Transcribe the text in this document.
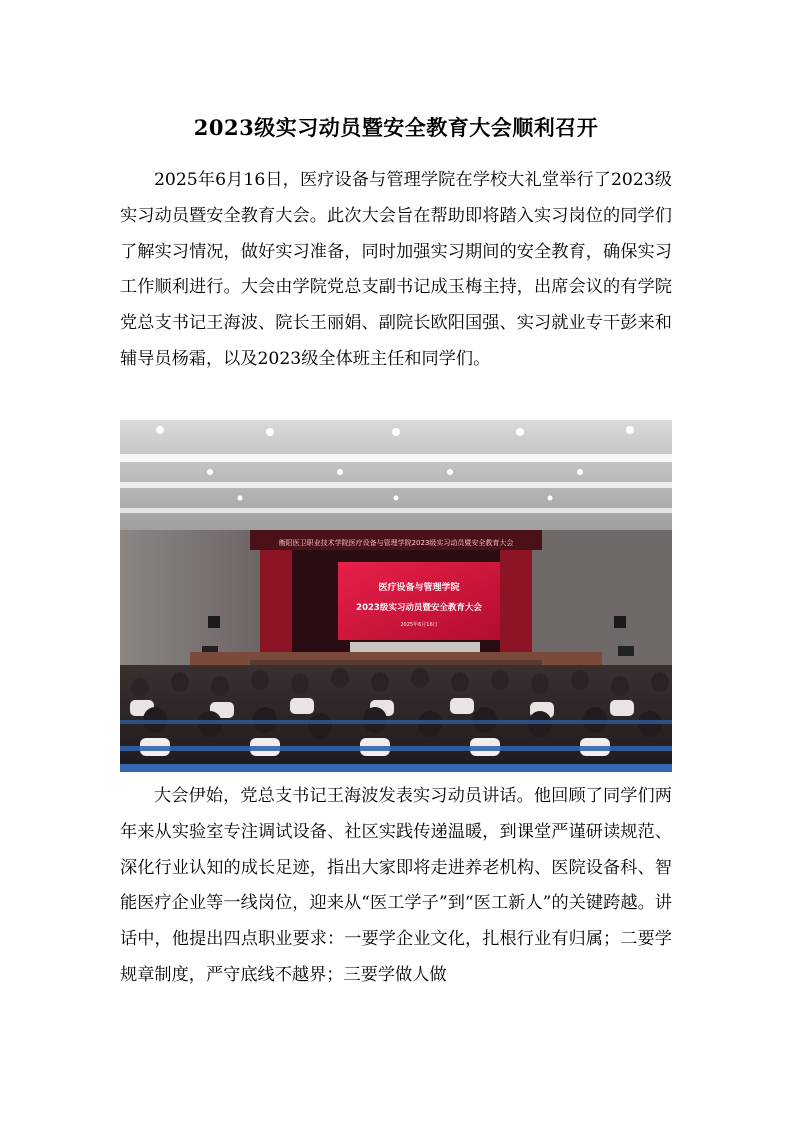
2023级实习动员暨安全教育大会顺利召开

2025年6月16日，医疗设备与管理学院在学校大礼堂举行了2023级实习动员暨安全教育大会。此次大会旨在帮助即将踏入实习岗位的同学们了解实习情况，做好实习准备，同时加强实习期间的安全教育，确保实习工作顺利进行。大会由学院党总支副书记成玉梅主持，出席会议的有学院党总支书记王海波、院长王丽娟、副院长欧阳国强、实习就业专干彭来和辅导员杨霜，以及2023级全体班主任和同学们。

衡阳医卫职业技术学院医疗设备与管理学院2023级实习动员暨安全教育大会
医疗设备与管理学院
2023级实习动员暨安全教育大会
2025年6月16日

大会伊始，党总支书记王海波发表实习动员讲话。他回顾了同学们两年来从实验室专注调试设备、社区实践传递温暖，到课堂严谨研读规范、深化行业认知的成长足迹，指出大家即将走进养老机构、医院设备科、智能医疗企业等一线岗位，迎来从“医工学子”到“医工新人”的关键跨越。讲话中，他提出四点职业要求：一要学企业文化，扎根行业有归属；二要学规章制度，严守底线不越界；三要学做人做
